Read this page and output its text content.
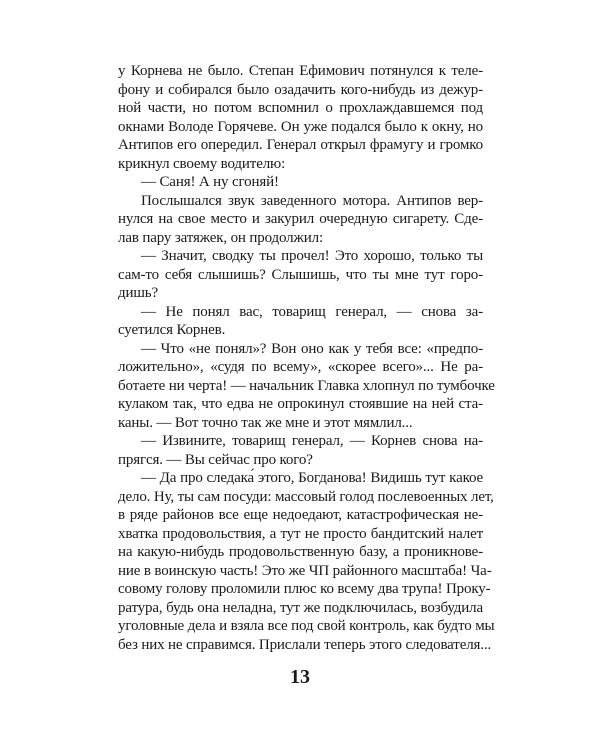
у Корнева не было. Степан Ефимович потянулся к теле-
фону и собирался было озадачить кого-нибудь из дежур-
ной части, но потом вспомнил о прохлаждавшемся под
окнами Володе Горячеве. Он уже подался было к окну, но
Антипов его опередил. Генерал открыл фрамугу и громко
крикнул своему водителю:
— Саня! А ну сгоняй!
Послышался звук заведенного мотора. Антипов вер-
нулся на свое место и закурил очередную сигарету. Сде-
лав пару затяжек, он продолжил:
— Значит, сводку ты прочел! Это хорошо, только ты
сам-то себя слышишь? Слышишь, что ты мне тут горо-
дишь?
— Не понял вас, товарищ генерал, — снова за-
суетился Корнев.
— Что «не понял»? Вон оно как у тебя все: «предпо-
ложительно», «судя по всему», «скорее всего»... Не ра-
ботаете ни черта! — начальник Главка хлопнул по тумбочке
кулаком так, что едва не опрокинул стоявшие на ней ста-
каны. — Вот точно так же мне и этот мямлил...
— Извините, товарищ генерал, — Корнев снова на-
прягся. — Вы сейчас про кого?
— Да про следака́ этого, Богданова! Видишь тут какое
дело. Ну, ты сам посуди: массовый голод послевоенных лет,
в ряде районов все еще недоедают, катастрофическая не-
хватка продовольствия, а тут не просто бандитский налет
на какую-нибудь продовольственную базу, а проникнове-
ние в воинскую часть! Это же ЧП районного масштаба! Ча-
совому голову проломили плюс ко всему два трупа! Проку-
ратура, будь она неладна, тут же подключилась, возбудила
уголовные дела и взяла все под свой контроль, как будто мы
без них не справимся. Прислали теперь этого следователя...
13
